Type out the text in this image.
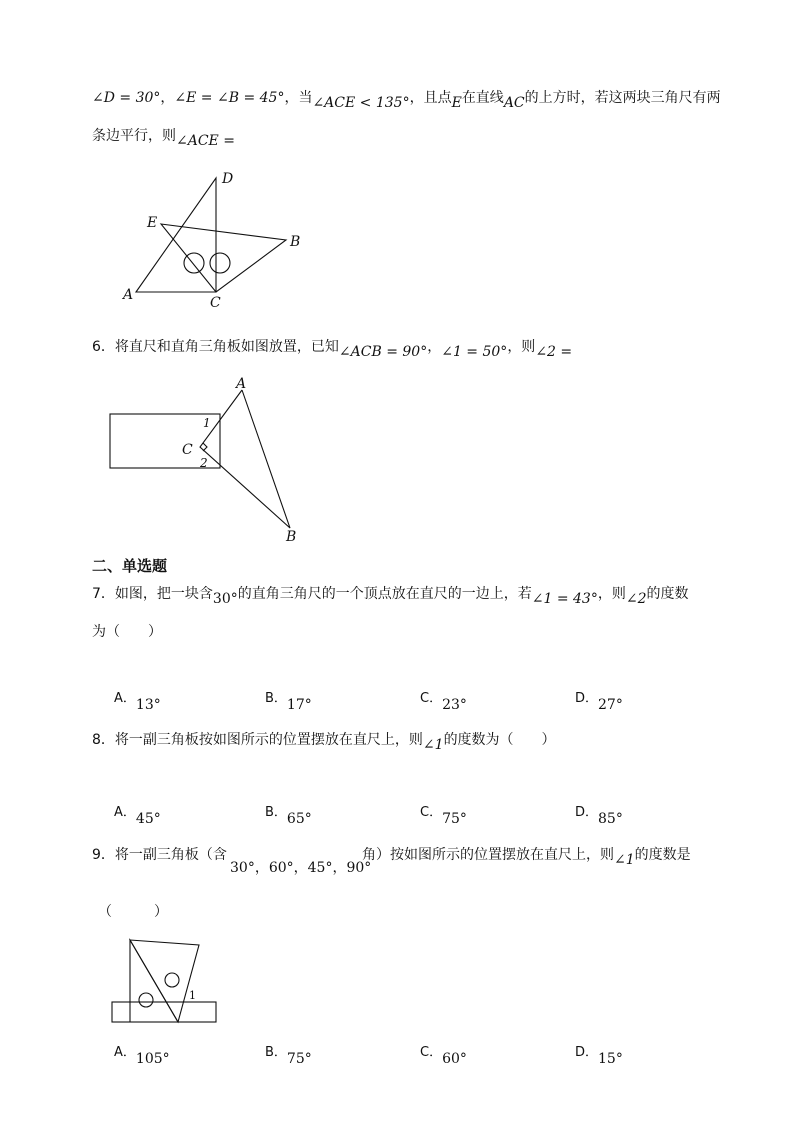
∠D = 30°，∠E = ∠B = 45°，当∠ACE < 135°，且点E在直线AC的上方时，若这两块三角尺有两
条边平行，则∠ACE =
D
E
B
A	C
6．将直尺和直角三角板如图放置，已知∠ACB = 90°，∠1 = 50°，则∠2 =
A
C
B
1
2
二、单选题
7．如图，把一块含30°的直角三角尺的一个顶点放在直尺的一边上，若∠1 = 43°，则∠2的度数
为（　　）
A．13°	B．17°	C．23°	D．27°
8．将一副三角板按如图所示的位置摆放在直尺上，则∠1的度数为（　　）
A．45°	B．65°	C．75°	D．85°
9．将一副三角板（含
30°，60°，45°，90°
角）按如图所示的位置摆放在直尺上，则∠1的度数是
（　　　）
1
A．105°	B．75°	C．60°	D．15°
